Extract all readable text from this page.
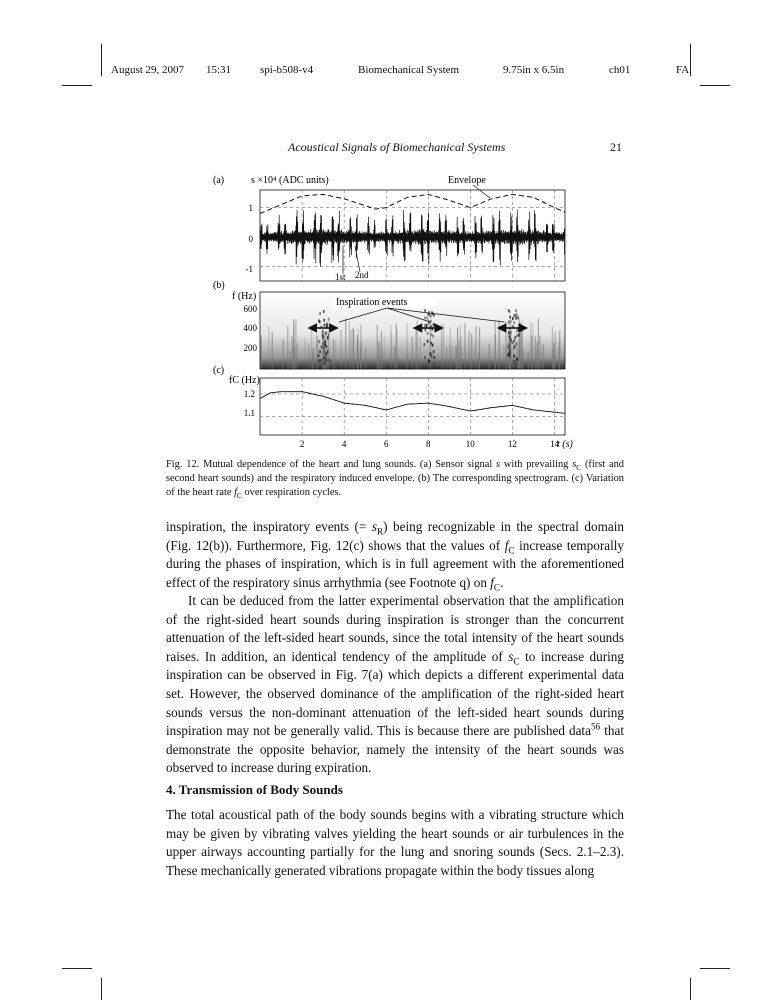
August 29, 2007 15:31	spi-b508-v4	Biomechanical System	9.75in x 6.5in	ch01	FA
Acoustical Signals of Biomechanical Systems	21
(a)	s ×10⁴ (ADC units)	Envelope
1
0
-1
1st 2nd
(b)
f (Hz)
600
400
200
Inspiration events
(c)
fC (Hz)
1.2
1.1
2	4	6	8	10	12	14
t (s)
Fig. 12. Mutual dependence of the heart and lung sounds. (a) Sensor signal s with prevailing $s_C$ (first and second heart sounds) and the respiratory induced envelope. (b) The corresponding spectrogram. (c) Variation of the heart rate $f_C$ over respiration cycles.

inspiration, the inspiratory events (= $s_R$) being recognizable in the spectral domain (Fig. 12(b)). Furthermore, Fig. 12(c) shows that the values of $f_C$ increase temporally during the phases of inspiration, which is in full agreement with the aforementioned effect of the respiratory sinus arrhythmia (see Footnote q) on $f_C$.

It can be deduced from the latter experimental observation that the amplification of the right-sided heart sounds during inspiration is stronger than the concurrent attenuation of the left-sided heart sounds, since the total intensity of the heart sounds raises. In addition, an identical tendency of the amplitude of $s_C$ to increase during inspiration can be observed in Fig. 7(a) which depicts a different experimental data set. However, the observed dominance of the amplification of the right-sided heart sounds versus the non-dominant attenuation of the left-sided heart sounds during inspiration may not be generally valid. This is because there are published data$^{56}$ that demonstrate the opposite behavior, namely the intensity of the heart sounds was observed to increase during expiration.

4. Transmission of Body Sounds

The total acoustical path of the body sounds begins with a vibrating structure which may be given by vibrating valves yielding the heart sounds or air turbulences in the upper airways accounting partially for the lung and snoring sounds (Secs. 2.1–2.3). These mechanically generated vibrations propagate within the body tissues along
